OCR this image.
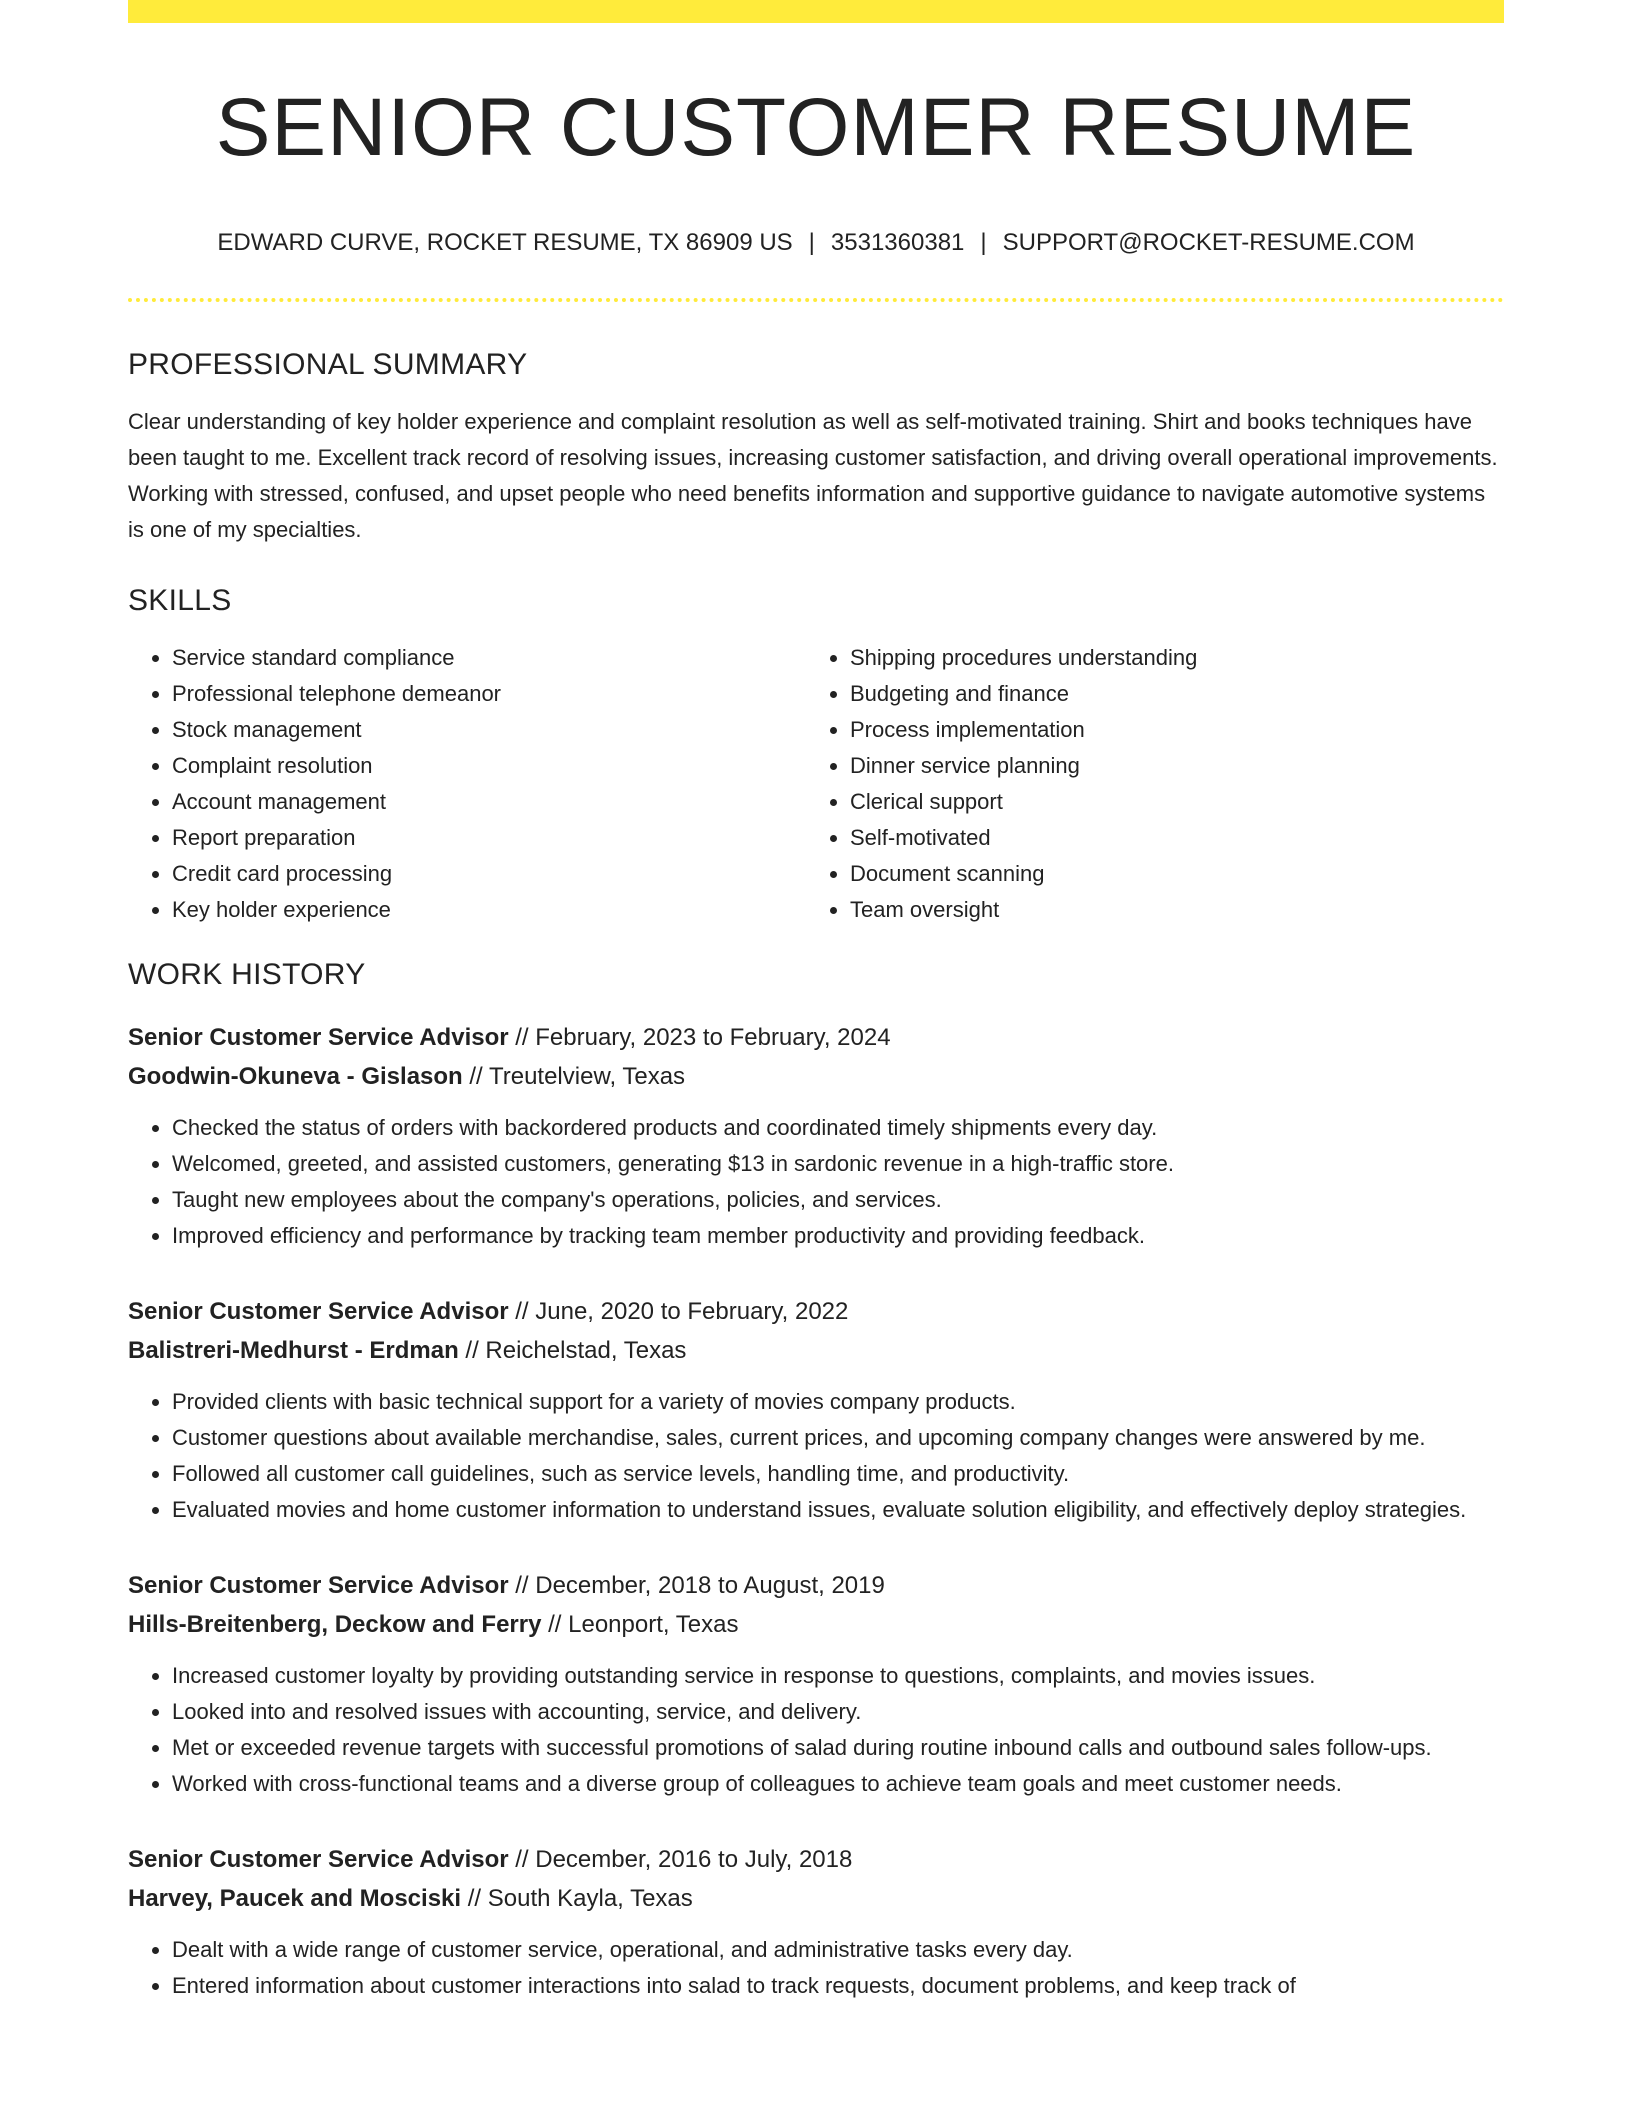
SENIOR CUSTOMER RESUME
EDWARD CURVE, ROCKET RESUME, TX 86909 US | 3531360381 | SUPPORT@ROCKET-RESUME.COM
PROFESSIONAL SUMMARY
Clear understanding of key holder experience and complaint resolution as well as self-motivated training. Shirt and books techniques have been taught to me. Excellent track record of resolving issues, increasing customer satisfaction, and driving overall operational improvements. Working with stressed, confused, and upset people who need benefits information and supportive guidance to navigate automotive systems is one of my specialties.
SKILLS
• Service standard compliance
• Professional telephone demeanor
• Stock management
• Complaint resolution
• Account management
• Report preparation
• Credit card processing
• Key holder experience
• Shipping procedures understanding
• Budgeting and finance
• Process implementation
• Dinner service planning
• Clerical support
• Self-motivated
• Document scanning
• Team oversight
WORK HISTORY
Senior Customer Service Advisor // February, 2023 to February, 2024
Goodwin-Okuneva - Gislason // Treutelview, Texas
• Checked the status of orders with backordered products and coordinated timely shipments every day.
• Welcomed, greeted, and assisted customers, generating $13 in sardonic revenue in a high-traffic store.
• Taught new employees about the company's operations, policies, and services.
• Improved efficiency and performance by tracking team member productivity and providing feedback.
Senior Customer Service Advisor // June, 2020 to February, 2022
Balistreri-Medhurst - Erdman // Reichelstad, Texas
• Provided clients with basic technical support for a variety of movies company products.
• Customer questions about available merchandise, sales, current prices, and upcoming company changes were answered by me.
• Followed all customer call guidelines, such as service levels, handling time, and productivity.
• Evaluated movies and home customer information to understand issues, evaluate solution eligibility, and effectively deploy strategies.
Senior Customer Service Advisor // December, 2018 to August, 2019
Hills-Breitenberg, Deckow and Ferry // Leonport, Texas
• Increased customer loyalty by providing outstanding service in response to questions, complaints, and movies issues.
• Looked into and resolved issues with accounting, service, and delivery.
• Met or exceeded revenue targets with successful promotions of salad during routine inbound calls and outbound sales follow-ups.
• Worked with cross-functional teams and a diverse group of colleagues to achieve team goals and meet customer needs.
Senior Customer Service Advisor // December, 2016 to July, 2018
Harvey, Paucek and Mosciski // South Kayla, Texas
• Dealt with a wide range of customer service, operational, and administrative tasks every day.
• Entered information about customer interactions into salad to track requests, document problems, and keep track of
